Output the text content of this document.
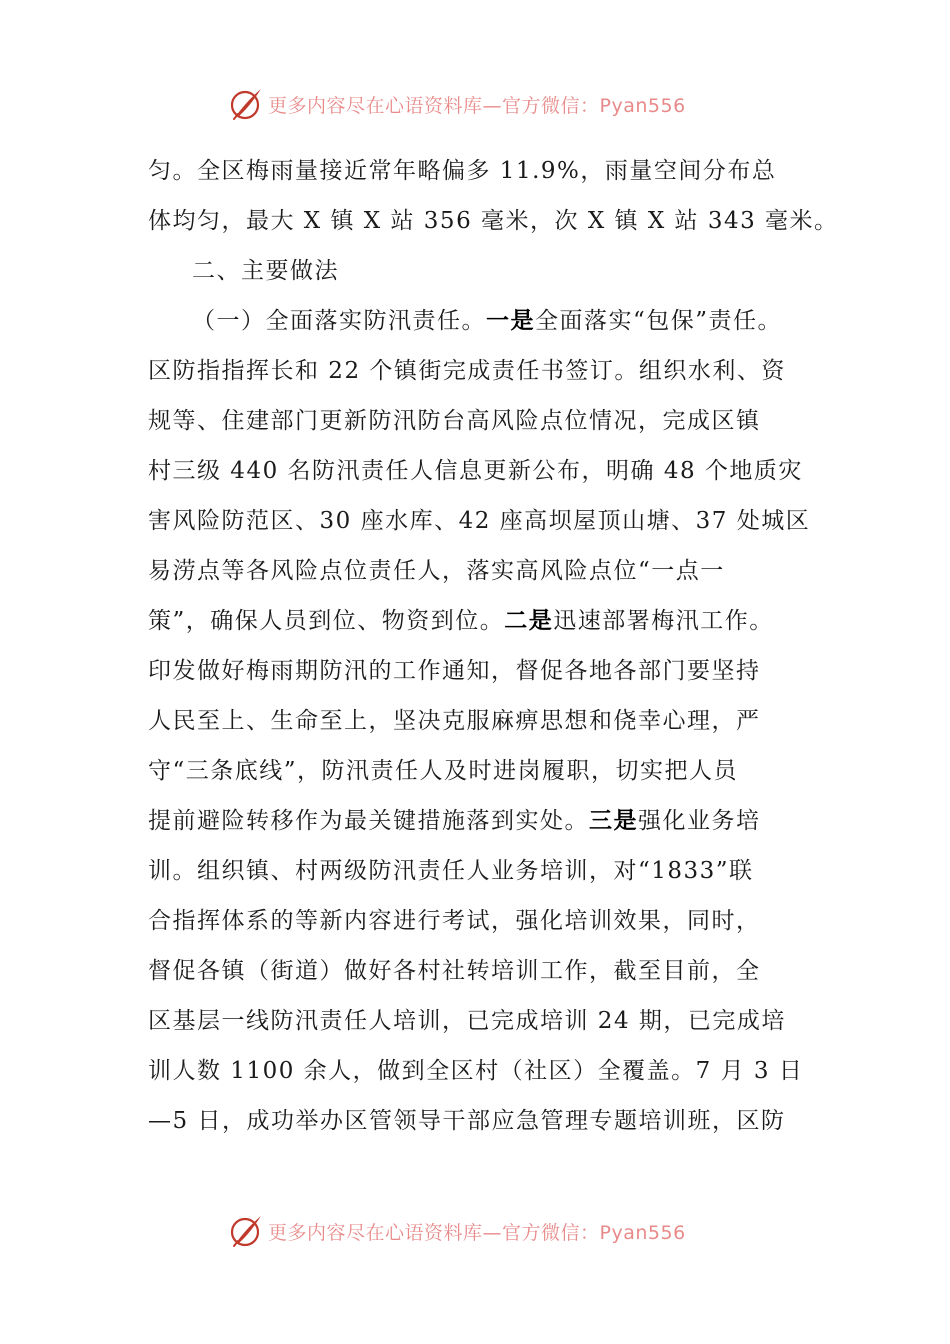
更多内容尽在心语资料库—官方微信：Pyan556
匀。全区梅雨量接近常年略偏多 11.9%，雨量空间分布总
体均匀，最大 X 镇 X 站 356 毫米，次 X 镇 X 站 343 毫米。
二、主要做法
（一）全面落实防汛责任。一是全面落实“包保”责任。
区防指指挥长和 22 个镇街完成责任书签订。组织水利、资
规等、住建部门更新防汛防台高风险点位情况，完成区镇
村三级 440 名防汛责任人信息更新公布，明确 48 个地质灾
害风险防范区、30 座水库、42 座高坝屋顶山塘、37 处城区
易涝点等各风险点位责任人，落实高风险点位“一点一
策”，确保人员到位、物资到位。二是迅速部署梅汛工作。
印发做好梅雨期防汛的工作通知，督促各地各部门要坚持
人民至上、生命至上，坚决克服麻痹思想和侥幸心理，严
守“三条底线”，防汛责任人及时进岗履职，切实把人员
提前避险转移作为最关键措施落到实处。三是强化业务培
训。组织镇、村两级防汛责任人业务培训，对“1833”联
合指挥体系的等新内容进行考试，强化培训效果，同时，
督促各镇（街道）做好各村社转培训工作，截至目前，全
区基层一线防汛责任人培训，已完成培训 24 期，已完成培
训人数 1100 余人，做到全区村（社区）全覆盖。7 月 3 日
—5 日，成功举办区管领导干部应急管理专题培训班，区防
更多内容尽在心语资料库—官方微信：Pyan556
